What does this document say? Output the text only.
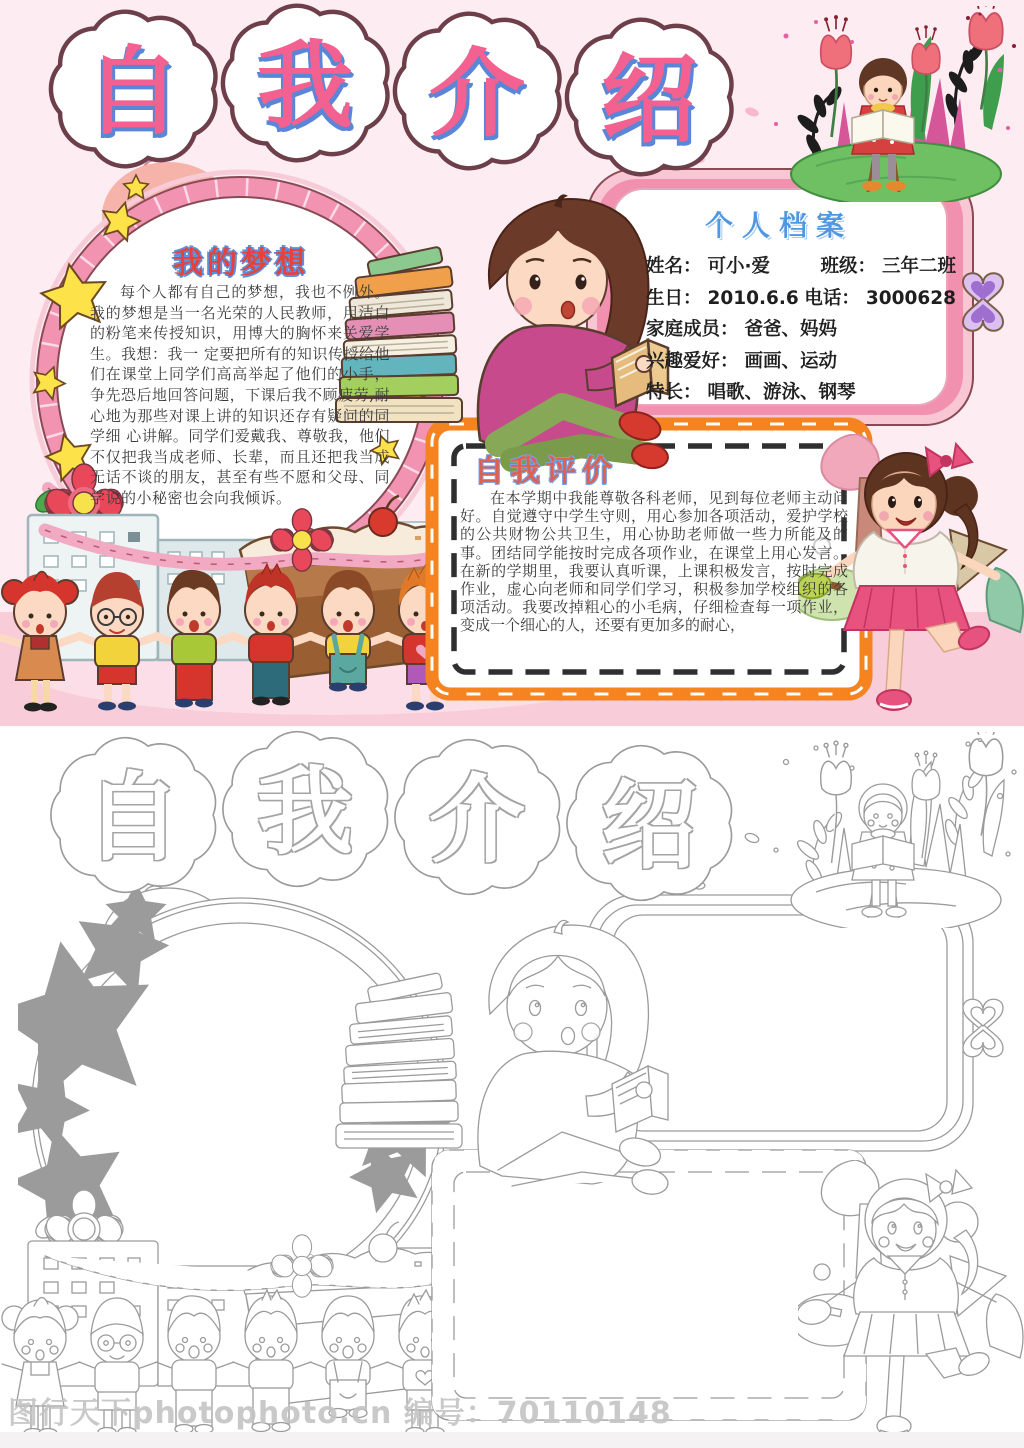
自 我 介 绍
我的梦想
每个人都有自己的梦想，我也不例外。我的梦想是当一名光荣的人民教师，用洁白的粉笔来传授知识，用博大的胸怀来关爱学生。我想：我一 定要把所有的知识传授给他们在课堂上同学们高高举起了他们的小手，争先恐后地回答问题，下课后我不顾疲劳,耐心地为那些对课上讲的知识还存有疑问的同学细 心讲解。同学们爱戴我、尊敬我，他们不仅把我当成老师、长辈，而且还把我当成无话不谈的朋友，甚至有些不愿和父母、同学说的小秘密也会向我倾诉。
个人档案
姓名： 可小·爱	班级： 三年二班
生日： 2010.6.6 电话： 3000628
家庭成员： 爸爸、妈妈
兴趣爱好： 画画、运动
特长： 唱歌、游泳、钢琴
自我评价
在本学期中我能尊敬各科老师，见到每位老师主动问好。自觉遵守中学生守则，用心参加各项活动，爱护学校的公共财物公共卫生，用心协助老师做一些力所能及的事。团结同学能按时完成各项作业，在课堂上用心发言。在新的学期里，我要认真听课，上课积极发言，按时完成作业，虚心向老师和同学们学习，积极参加学校组织的各项活动。我要改掉粗心的小毛病，仔细检查每一项作业，变成一个细心的人，还要有更加多的耐心，
自 我 介 绍
图行天下photophoto.cn 编号：70110148
